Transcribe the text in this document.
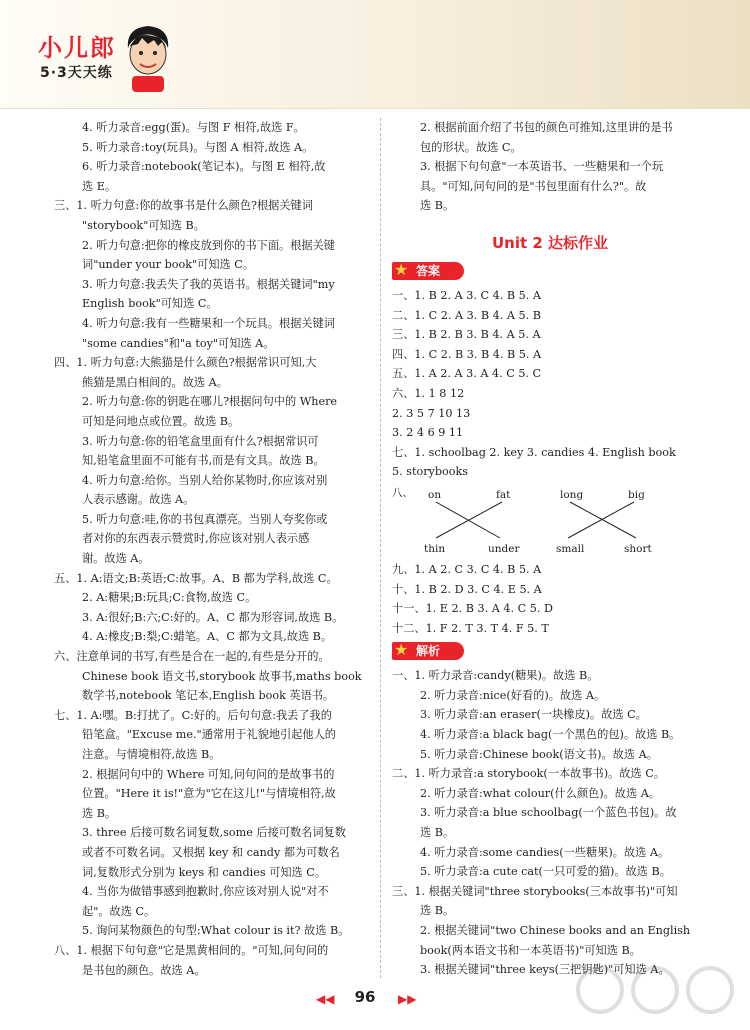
小儿郎
5·3天天练
4. 听力录音:egg(蛋)。与图 F 相符,故选 F。
5. 听力录音:toy(玩具)。与图 A 相符,故选 A。
6. 听力录音:notebook(笔记本)。与图 E 相符,故
选 E。
三、1. 听力句意:你的故事书是什么颜色?根据关键词
"storybook"可知选 B。
2. 听力句意:把你的橡皮放到你的书下面。根据关键
词"under your book"可知选 C。
3. 听力句意:我丢失了我的英语书。根据关键词"my
English book"可知选 C。
4. 听力句意:我有一些糖果和一个玩具。根据关键词
"some candies"和"a toy"可知选 A。
四、1. 听力句意:大熊猫是什么颜色?根据常识可知,大
熊猫是黑白相间的。故选 A。
2. 听力句意:你的钥匙在哪儿?根据问句中的 Where
可知是问地点或位置。故选 B。
3. 听力句意:你的铅笔盒里面有什么?根据常识可
知,铅笔盒里面不可能有书,而是有文具。故选 B。
4. 听力句意:给你。当别人给你某物时,你应该对别
人表示感谢。故选 A。
5. 听力句意:哇,你的书包真漂亮。当别人夸奖你或
者对你的东西表示赞赏时,你应该对别人表示感
谢。故选 A。
五、1. A:语文;B:英语;C:故事。A、B 都为学科,故选 C。
2. A:糖果;B:玩具;C:食物,故选 C。
3. A:很好;B:六;C:好的。A、C 都为形容词,故选 B。
4. A:橡皮;B:梨;C:蜡笔。A、C 都为文具,故选 B。
六、注意单词的书写,有些是合在一起的,有些是分开的。
Chinese book 语文书,storybook 故事书,maths book
数学书,notebook 笔记本,English book 英语书。
七、1. A:嘿。B:打扰了。C:好的。后句句意:我丢了我的
铅笔盒。"Excuse me."通常用于礼貌地引起他人的
注意。与情境相符,故选 B。
2. 根据问句中的 Where 可知,问句问的是故事书的
位置。"Here it is!"意为"它在这儿!"与情境相符,故
选 B。
3. three 后接可数名词复数,some 后接可数名词复数
或者不可数名词。又根据 key 和 candy 都为可数名
词,复数形式分别为 keys 和 candies 可知选 C。
4. 当你为做错事感到抱歉时,你应该对别人说"对不
起"。故选 C。
5. 询问某物颜色的句型:What colour is it? 故选 B。
八、1. 根据下句句意"它是黑黄相间的。"可知,问句问的
是书包的颜色。故选 A。
2. 根据前面介绍了书包的颜色可推知,这里讲的是书
包的形状。故选 C。
3. 根据下句句意"一本英语书、一些糖果和一个玩
具。"可知,问句问的是"书包里面有什么?"。故
选 B。
Unit 2 达标作业
★ 答案
一、1. B 2. A 3. C 4. B 5. A
二、1. C 2. A 3. B 4. A 5. B
三、1. B 2. B 3. B 4. A 5. A
四、1. C 2. B 3. B 4. B 5. A
五、1. A 2. A 3. A 4. C 5. C
六、1. 1 8 12
2. 3 5 7 10 13
3. 2 4 6 9 11
七、1. schoolbag 2. key 3. candies 4. English book
5. storybooks
八、 on	fat
thin	under
long	big
small	short
九、1. A 2. C 3. C 4. B 5. A
十、1. B 2. D 3. C 4. E 5. A
十一、1. E 2. B 3. A 4. C 5. D
十二、1. F 2. T 3. T 4. F 5. T
★ 解析
一、1. 听力录音:candy(糖果)。故选 B。
2. 听力录音:nice(好看的)。故选 A。
3. 听力录音:an eraser(一块橡皮)。故选 C。
4. 听力录音:a black bag(一个黑色的包)。故选 B。
5. 听力录音:Chinese book(语文书)。故选 A。
二、1. 听力录音:a storybook(一本故事书)。故选 C。
2. 听力录音:what colour(什么颜色)。故选 A。
3. 听力录音:a blue schoolbag(一个蓝色书包)。故
选 B。
4. 听力录音:some candies(一些糖果)。故选 A。
5. 听力录音:a cute cat(一只可爱的猫)。故选 B。
三、1. 根据关键词"three storybooks(三本故事书)"可知
选 B。
2. 根据关键词"two Chinese books and an English
book(两本语文书和一本英语书)"可知选 B。
3. 根据关键词"three keys(三把钥匙)"可知选 A。
◀◀	96	▶▶
